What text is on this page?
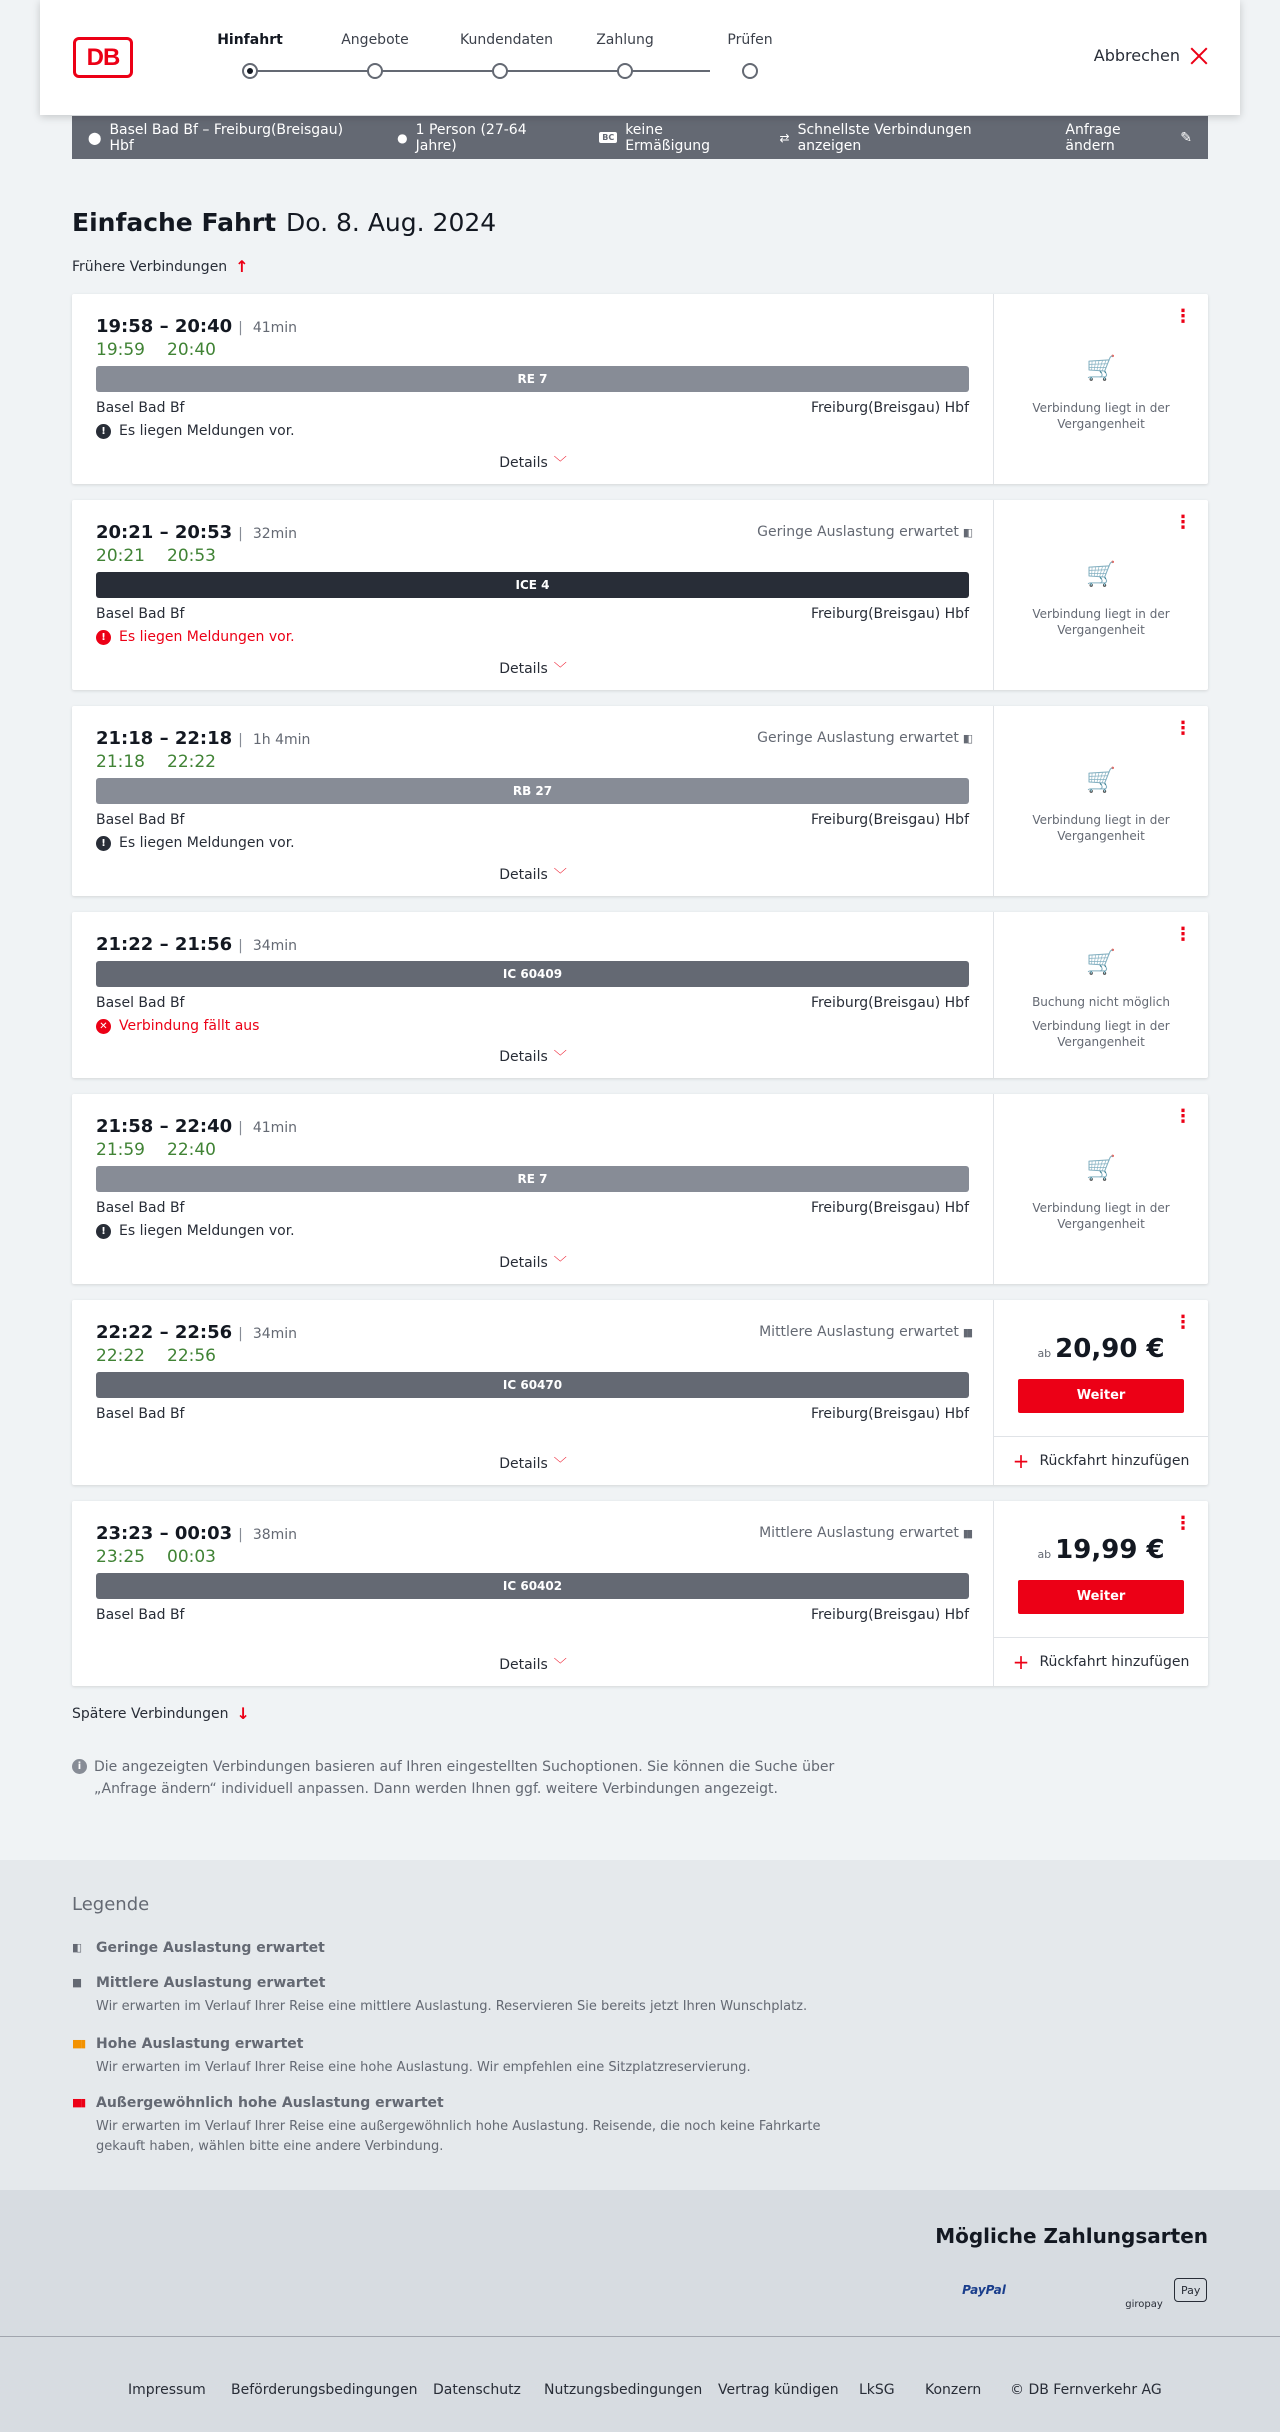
DB
Hinfahrt	Angebote	Kundendaten	Zahlung	Prüfen
Abbrechen
⬤ Basel Bad Bf – Freiburg(Breisgau) Hbf	● 1 Person (27-64 Jahre)	BC keine Ermäßigung	⇄ Schnellste Verbindungen anzeigen
Anfrage ändern	✎
Einfache Fahrt Do. 8. Aug. 2024
Frühere Verbindungen ↑
19:58 – 20:40 | 41min
19:59 20:40
RE 7
Basel Bad Bf	Freiburg(Breisgau) Hbf
! Es liegen Meldungen vor.
Details ﹀
⋮
🛒
Verbindung liegt in der Vergangenheit
20:21 – 20:53 | 32min	Geringe Auslastung erwartet ▮▯
20:21 20:53
ICE 4
Basel Bad Bf	Freiburg(Breisgau) Hbf
! Es liegen Meldungen vor.
Details ﹀
⋮
🛒
Verbindung liegt in der Vergangenheit
21:18 – 22:18 | 1h 4min	Geringe Auslastung erwartet ▮▯
21:18 22:22
RB 27
Basel Bad Bf	Freiburg(Breisgau) Hbf
! Es liegen Meldungen vor.
Details ﹀
⋮
🛒
Verbindung liegt in der Vergangenheit
21:22 – 21:56 | 34min
IC 60409
Basel Bad Bf	Freiburg(Breisgau) Hbf
✕ Verbindung fällt aus
Details ﹀
⋮
🛒
Buchung nicht möglich
Verbindung liegt in der Vergangenheit
21:58 – 22:40 | 41min
21:59 22:40
RE 7
Basel Bad Bf	Freiburg(Breisgau) Hbf
! Es liegen Meldungen vor.
Details ﹀
⋮
🛒
Verbindung liegt in der Vergangenheit
22:22 – 22:56 | 34min	Mittlere Auslastung erwartet ▮▮
22:22 22:56
IC 60470
Basel Bad Bf	Freiburg(Breisgau) Hbf
Details ﹀
⋮
ab 20,90 €
Weiter
+ Rückfahrt hinzufügen
23:23 – 00:03 | 38min	Mittlere Auslastung erwartet ▮▮
23:25 00:03
IC 60402
Basel Bad Bf	Freiburg(Breisgau) Hbf
Details ﹀
⋮
ab 19,99 €
Weiter
+ Rückfahrt hinzufügen
Spätere Verbindungen ↓
i Die angezeigten Verbindungen basieren auf Ihren eingestellten Suchoptionen. Sie können die Suche über „Anfrage ändern“ individuell anpassen. Dann werden Ihnen ggf. weitere Verbindungen angezeigt.
Legende
▮▯ Geringe Auslastung erwartet
▮▮ Mittlere Auslastung erwartet
Wir erwarten im Verlauf Ihrer Reise eine mittlere Auslastung. Reservieren Sie bereits jetzt Ihren Wunschplatz.
▮▮▮ Hohe Auslastung erwartet
Wir erwarten im Verlauf Ihrer Reise eine hohe Auslastung. Wir empfehlen eine Sitzplatzreservierung.
▮▮▮ Außergewöhnlich hohe Auslastung erwartet
Wir erwarten im Verlauf Ihrer Reise eine außergewöhnlich hohe Auslastung. Reisende, die noch keine Fahrkarte gekauft haben, wählen bitte eine andere Verbindung.
Mögliche Zahlungsarten
PayPal
giropay
Pay
Impressum Beförderungsbedingungen Datenschutz Nutzungsbedingungen Vertrag kündigen LkSG Konzern © DB Fernverkehr AG
